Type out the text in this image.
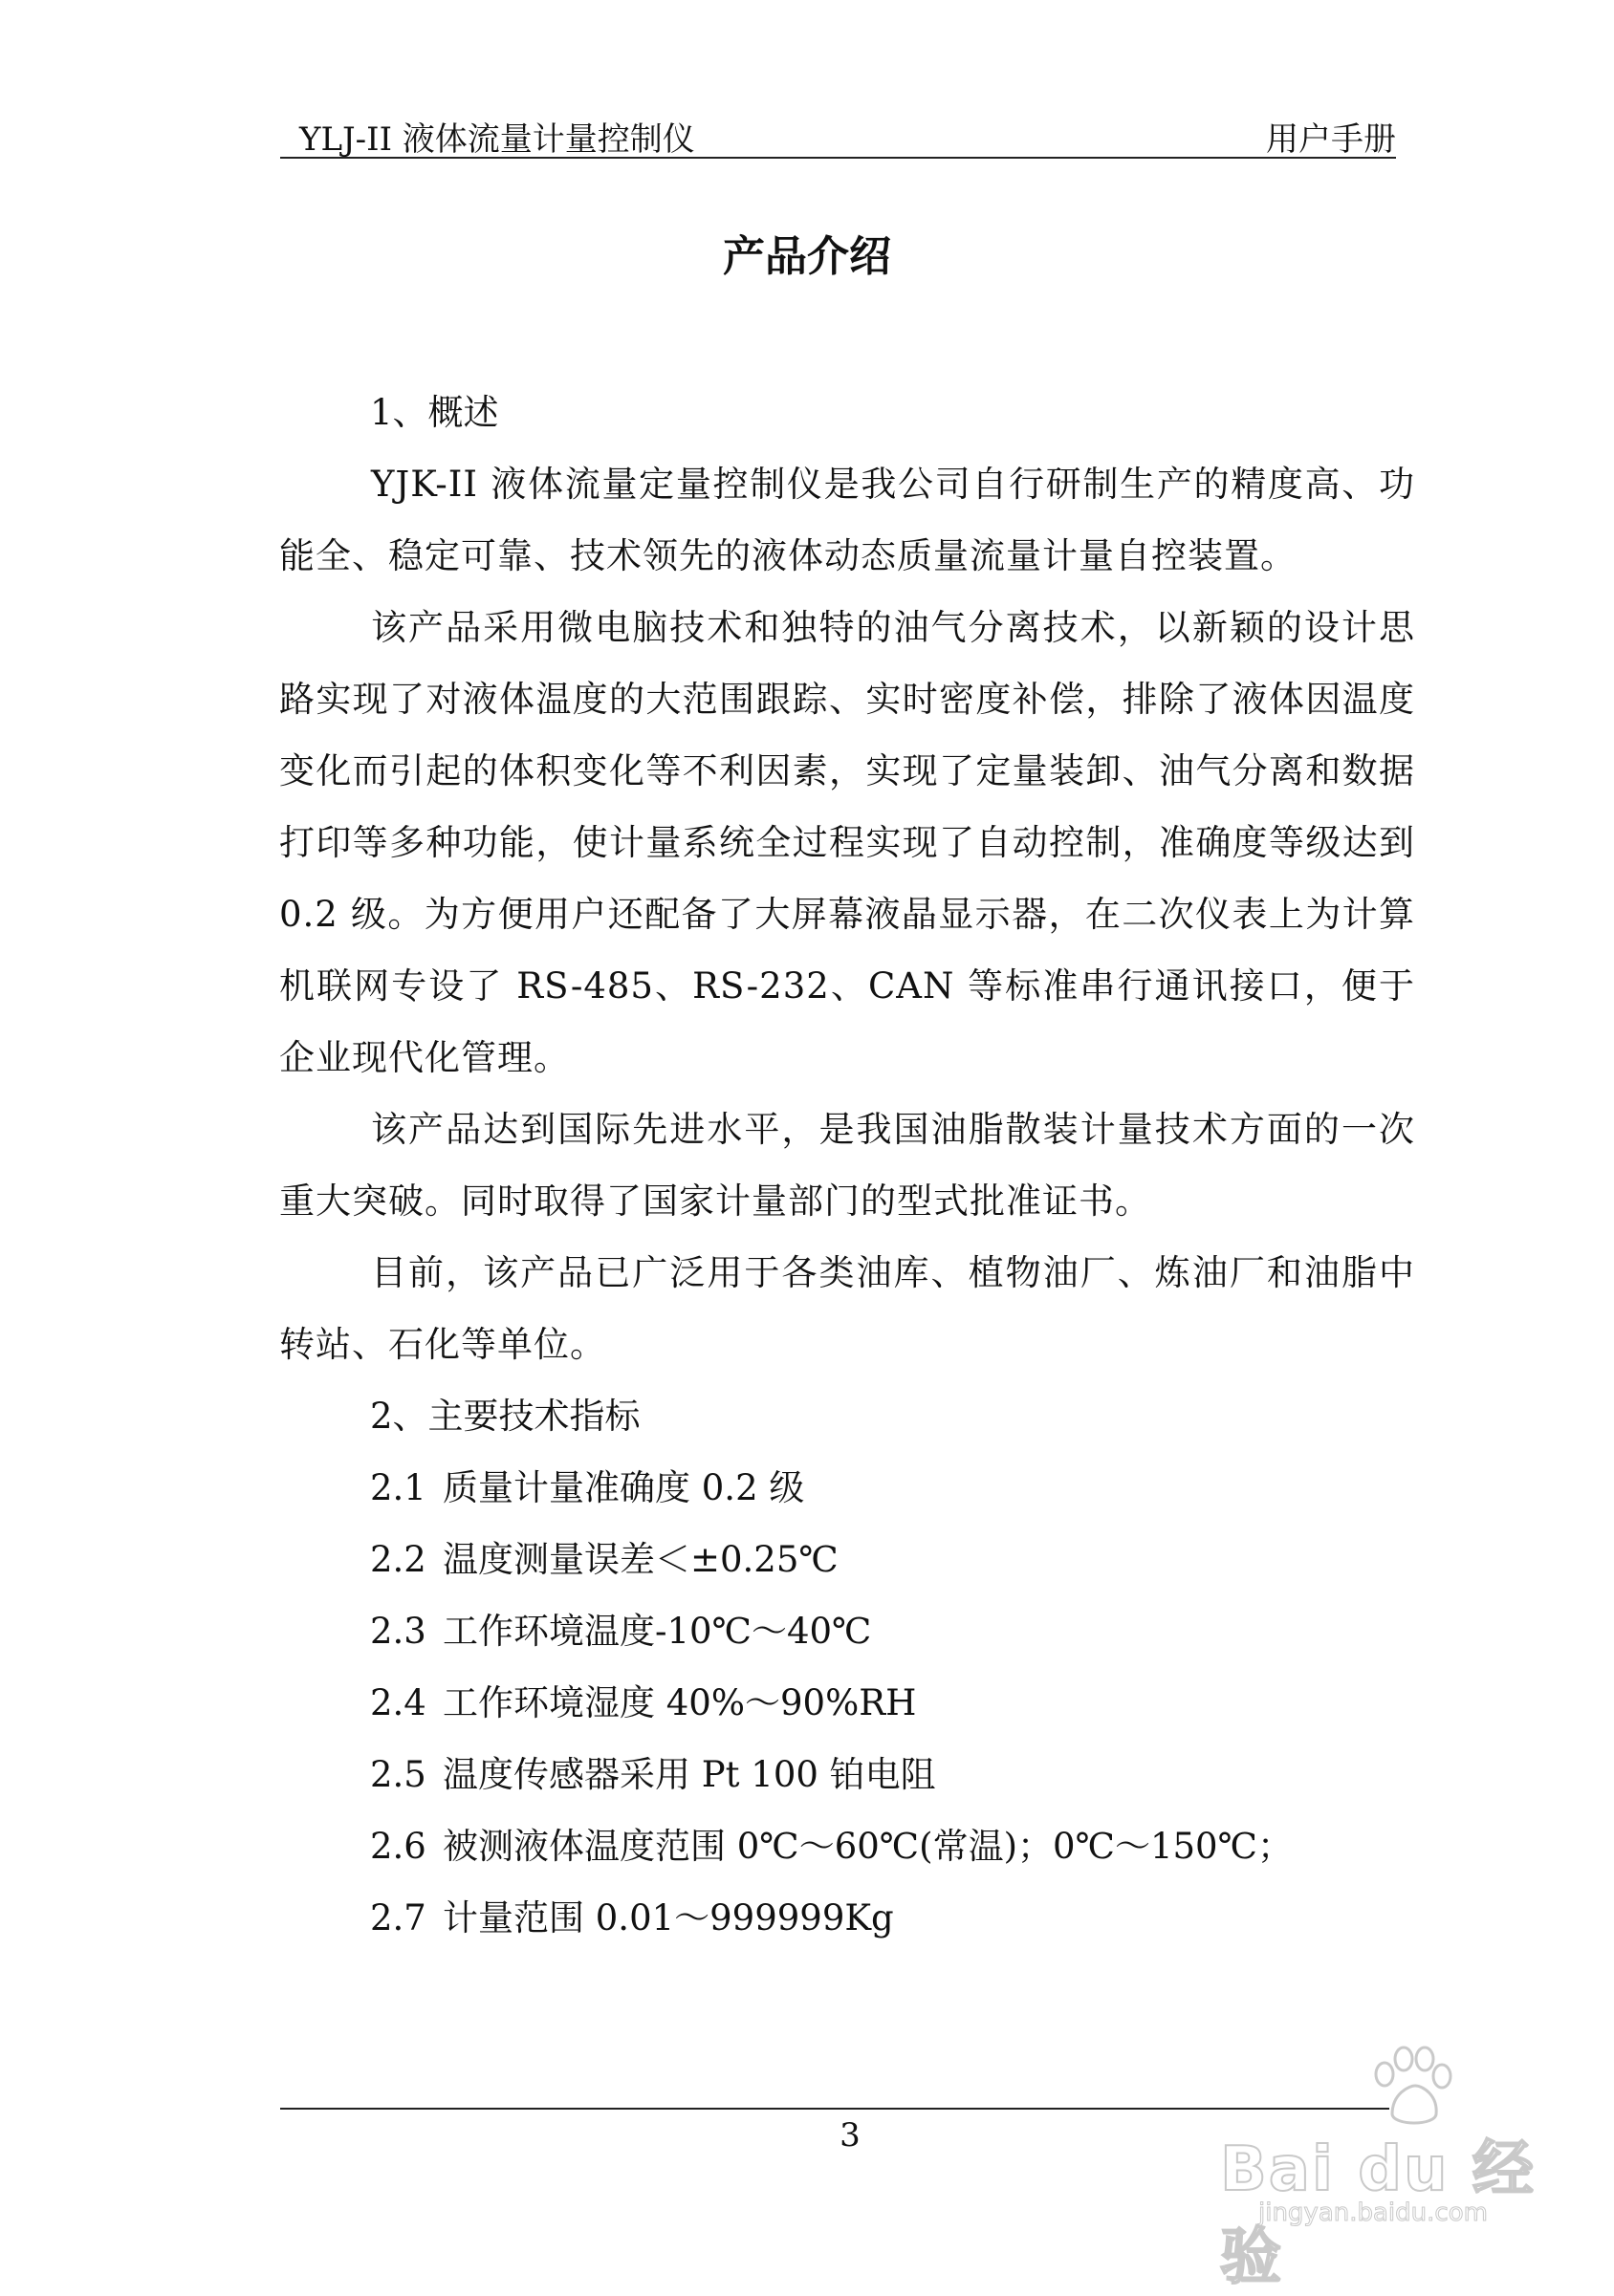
YLJ-II 液体流量计量控制仪	用户手册
产品介绍

1、概述

YJK-II 液体流量定量控制仪是我公司自行研制生产的精度高、功能全、稳定可靠、技术领先的液体动态质量流量计量自控装置。

该产品采用微电脑技术和独特的油气分离技术，以新颖的设计思路实现了对液体温度的大范围跟踪、实时密度补偿，排除了液体因温度变化而引起的体积变化等不利因素，实现了定量装卸、油气分离和数据打印等多种功能，使计量系统全过程实现了自动控制，准确度等级达到 0.2 级。为方便用户还配备了大屏幕液晶显示器，在二次仪表上为计算机联网专设了 RS-485、RS-232、CAN 等标准串行通讯接口，便于企业现代化管理。

该产品达到国际先进水平，是我国油脂散装计量技术方面的一次重大突破。同时取得了国家计量部门的型式批准证书。

目前，该产品已广泛用于各类油库、植物油厂、炼油厂和油脂中转站、石化等单位。

2、主要技术指标

2.1 质量计量准确度 0.2 级

2.2 温度测量误差＜±0.25℃

2.3 工作环境温度-10℃～40℃

2.4 工作环境湿度 40%～90%RH

2.5 温度传感器采用 Pt 100 铂电阻

2.6 被测液体温度范围 0℃～60℃(常温)；0℃～150℃；

2.7 计量范围 0.01～999999Kg

3	Bai du 经验
jingyan.baidu.com
